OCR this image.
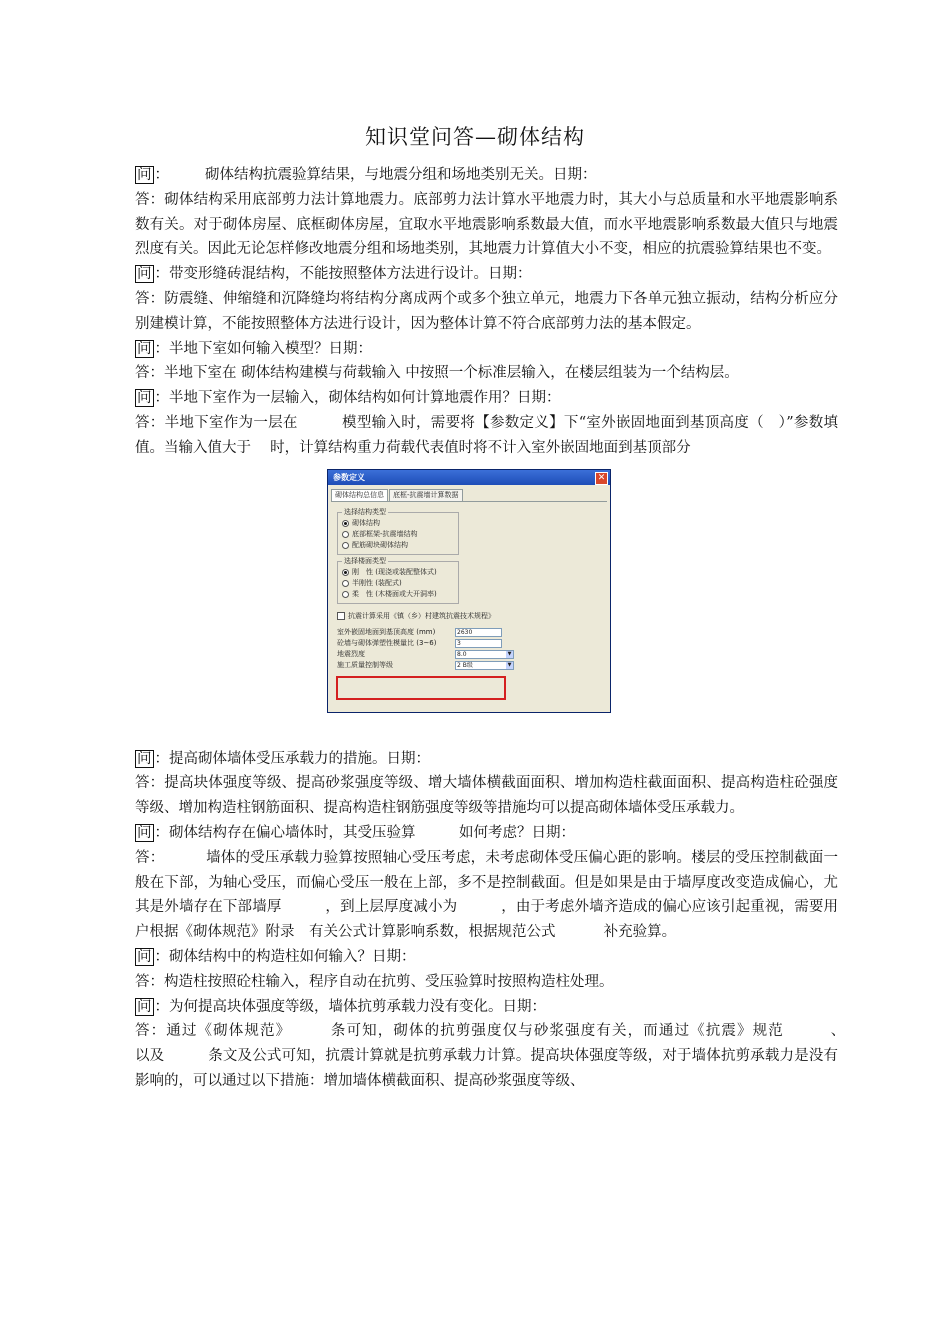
知识堂问答—砌体结构

问 ： 砌体结构抗震验算结果，与地震分组和场地类别无关。日期：

答：砌体结构采用底部剪力法计算地震力。底部剪力法计算水平地震力时，其大小与总质量和水平地震影响系数有关。对于砌体房屋、底框砌体房屋，宜取水平地震影响系数最大值，而水平地震影响系数最大值只与地震烈度有关。因此无论怎样修改地震分组和场地类别，其地震力计算值大小不变，相应的抗震验算结果也不变。

问 ：带变形缝砖混结构，不能按照整体方法进行设计。日期：

答：防震缝、伸缩缝和沉降缝均将结构分离成两个或多个独立单元，地震力下各单元独立振动，结构分析应分别建模计算，不能按照整体方法进行设计，因为整体计算不符合底部剪力法的基本假定。

问 ：半地下室如何输入模型？日期：

答：半地下室在 砌体结构建模与荷载输入 中按照一个标准层输入，在楼层组装为一个结构层。

问 ：半地下室作为一层输入，砌体结构如何计算地震作用？日期：

答：半地下室作为一层在　　　模型输入时，需要将【参数定义】下“室外嵌固地面到基顶高度（　）”参数填值。当输入值大于　 时，计算结构重力荷载代表值时将不计入室外嵌固地面到基顶部分

参数定义	✕
砌体结构总信息	底框-抗震墙计算数据
选择结构类型
砌体结构
底部框架-抗震墙结构
配筋砌块砌体结构
选择楼面类型
刚　性 (现浇或装配整体式)
半刚性 (装配式)
柔　性 (木楼面或大开洞率)
抗震计算采用《镇（乡）村建筑抗震技术规程》
室外嵌固地面到基顶高度 (mm)	2630
砼墙与砌体弹塑性模量比 (3~6)	3
地震烈度	8.0	▼
施工质量控制等级	2 B级	▼

问 ：提高砌体墙体受压承载力的措施。日期：

答：提高块体强度等级、提高砂浆强度等级、增大墙体横截面面积、增加构造柱截面面积、提高构造柱砼强度等级、增加构造柱钢筋面积、提高构造柱钢筋强度等级等措施均可以提高砌体墙体受压承载力。

问 ：砌体结构存在偏心墙体时，其受压验算　　　如何考虑？日期：

答：　　　 墙体的受压承载力验算按照轴心受压考虑，未考虑砌体受压偏心距的影响。楼层的受压控制截面一般在下部，为轴心受压，而偏心受压一般在上部，多不是控制截面。但是如果是由于墙厚度改变造成偏心，尤其是外墙存在下部墙厚　　　，到上层厚度减小为　　　，由于考虑外墙齐造成的偏心应该引起重视，需要用户根据《砌体规范》附录　有关公式计算影响系数，根据规范公式　　　 补充验算。

问 ：砌体结构中的构造柱如何输入？日期：

答：构造柱按照砼柱输入，程序自动在抗剪、受压验算时按照构造柱处理。

问 ：为何提高块体强度等级，墙体抗剪承载力没有变化。日期：

答：通过《砌体规范》　　　条可知，砌体的抗剪强度仅与砂浆强度有关，而通过《抗震》规范　　　、　　　以及　　　条文及公式可知，抗震计算就是抗剪承载力计算。提高块体强度等级，对于墙体抗剪承载力是没有影响的，可以通过以下措施：增加墙体横截面积、提高砂浆强度等级、
